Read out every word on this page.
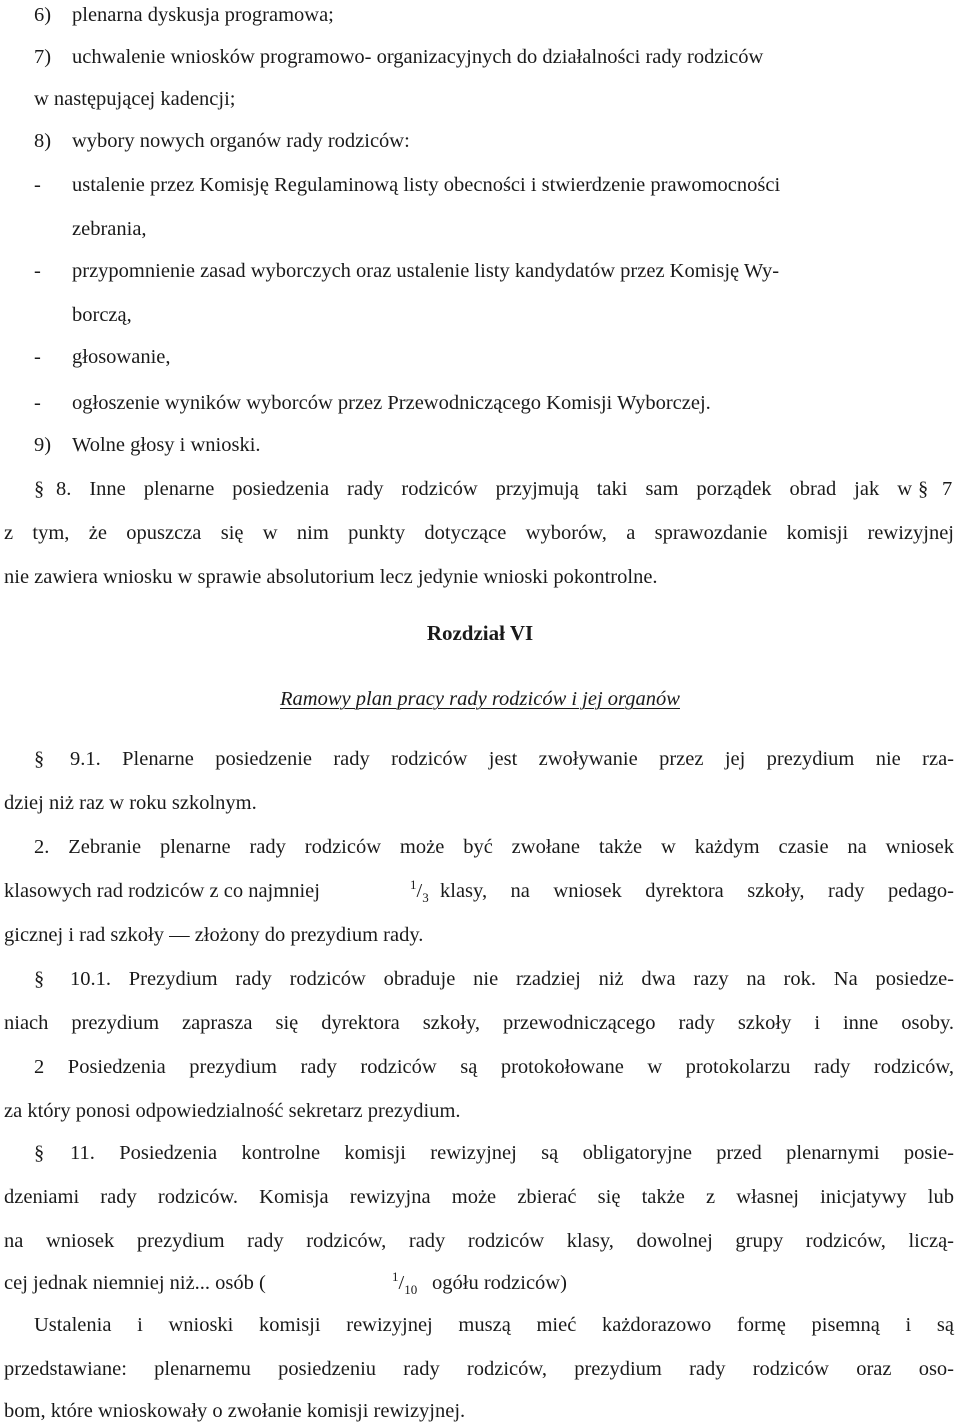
6) plenarna dyskusja programowa;
7) uchwalenie wniosków programowo- organizacyjnych do działalności rady rodziców
w następującej kadencji;
8) wybory nowych organów rady rodziców:
- ustalenie przez Komisję Regulaminową listy obecności i stwierdzenie prawomocności
zebrania,
- przypomnienie zasad wyborczych oraz ustalenie listy kandydatów przez Komisję Wy-
borczą,
- głosowanie,
- ogłoszenie wyników wyborców przez Przewodniczącego Komisji Wyborczej.
9) Wolne głosy i wnioski.
§ 8. Inne plenarne posiedzenia rady rodziców przyjmują taki sam porządek obrad jak w § 7
z tym, że opuszcza się w nim punkty dotyczące wyborów, a sprawozdanie komisji rewizyjnej
nie zawiera wniosku w sprawie absolutorium lecz jedynie wnioski pokontrolne.
Rozdział VI
Ramowy plan pracy rady rodziców i jej organów
§ 9.1. Plenarne posiedzenie rady rodziców jest zwoływanie przez jej prezydium nie rza-
dziej niż raz w roku szkolnym.
2. Zebranie plenarne rady rodziców może być zwołane także w każdym czasie na wniosek
klasowych rad rodziców z co najmniej	$^1/_3$ klasy, na wniosek dyrektora szkoły, rady pedago-
gicznej i rad szkoły — złożony do prezydium rady.
§ 10.1. Prezydium rady rodziców obraduje nie rzadziej niż dwa razy na rok. Na posiedze-
niach prezydium zaprasza się dyrektora szkoły, przewodniczącego rady szkoły i inne osoby.
2 Posiedzenia prezydium rady rodziców są protokołowane w protokolarzu rady rodziców,
za który ponosi odpowiedzialność sekretarz prezydium.
§ 11. Posiedzenia kontrolne komisji rewizyjnej są obligatoryjne przed plenarnymi posie-
dzeniami rady rodziców. Komisja rewizyjna może zbierać się także z własnej inicjatywy lub
na wniosek prezydium rady rodziców, rady rodziców klasy, dowolnej grupy rodziców, liczą-
cej jednak niemniej niż... osób (	$^1/_{10}$ ogółu rodziców)
Ustalenia i wnioski komisji rewizyjnej muszą mieć każdorazowo formę pisemną i są
przedstawiane: plenarnemu posiedzeniu rady rodziców, prezydium rady rodziców oraz oso-
bom, które wnioskowały o zwołanie komisji rewizyjnej.
